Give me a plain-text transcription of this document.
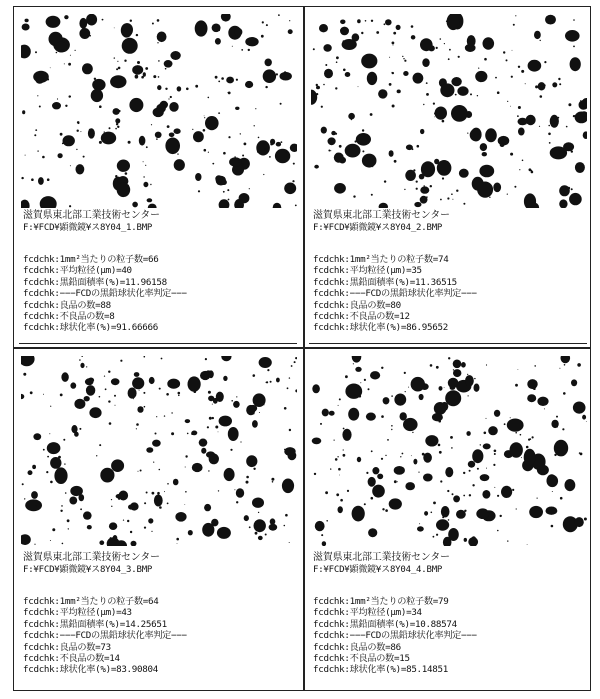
滋賀県東北部工業技術センター
F:¥FCD¥顕微鏡¥ス8Y04_1.BMP
fcdchk:1mm²当たりの粒子数=66
fcdchk:平均粒径(μm)=40
fcdchk:黒鉛面積率(%)=11.96158
fcdchk:−−−FCDの黒鉛球状化率判定−−−
fcdchk:良品の数=88
fcdchk:不良品の数=8
fcdchk:球状化率(%)=91.66666
滋賀県東北部工業技術センター
F:¥FCD¥顕微鏡¥ス8Y04_2.BMP
fcdchk:1mm²当たりの粒子数=74
fcdchk:平均粒径(μm)=35
fcdchk:黒鉛面積率(%)=11.36515
fcdchk:−−−FCDの黒鉛球状化率判定−−−
fcdchk:良品の数=80
fcdchk:不良品の数=12
fcdchk:球状化率(%)=86.95652
滋賀県東北部工業技術センター
F:¥FCD¥顕微鏡¥ス8Y04_3.BMP
fcdchk:1mm²当たりの粒子数=64
fcdchk:平均粒径(μm)=43
fcdchk:黒鉛面積率(%)=14.25651
fcdchk:−−−FCDの黒鉛球状化率判定−−−
fcdchk:良品の数=73
fcdchk:不良品の数=14
fcdchk:球状化率(%)=83.90804
滋賀県東北部工業技術センター
F:¥FCD¥顕微鏡¥ス8Y04_4.BMP
fcdchk:1mm²当たりの粒子数=79
fcdchk:平均粒径(μm)=34
fcdchk:黒鉛面積率(%)=10.88574
fcdchk:−−−FCDの黒鉛球状化率判定−−−
fcdchk:良品の数=86
fcdchk:不良品の数=15
fcdchk:球状化率(%)=85.14851
